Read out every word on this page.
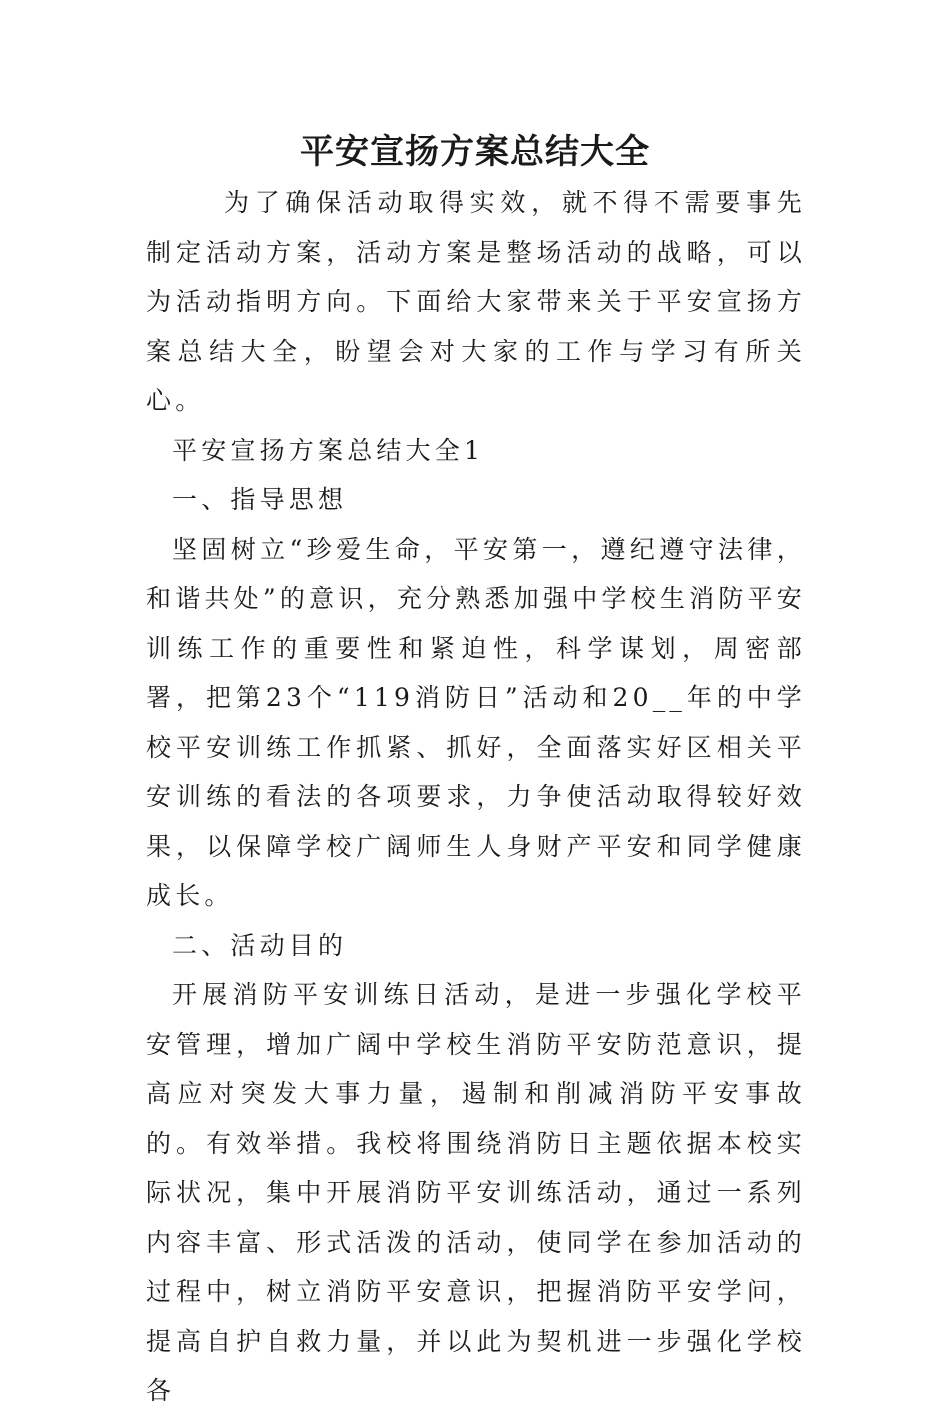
平安宣扬方案总结大全

为了确保活动取得实效，就不得不需要事先制定活动方案，活动方案是整场活动的战略，可以为活动指明方向。下面给大家带来关于平安宣扬方案总结大全，盼望会对大家的工作与学习有所关心。

平安宣扬方案总结大全1

一、指导思想

坚固树立“珍爱生命，平安第一，遵纪遵守法律，和谐共处”的意识，充分熟悉加强中学校生消防平安训练工作的重要性和紧迫性，科学谋划，周密部署，把第23个“119消防日”活动和20__年的中学校平安训练工作抓紧、抓好，全面落实好区相关平安训练的看法的各项要求，力争使活动取得较好效果，以保障学校广阔师生人身财产平安和同学健康成长。

二、活动目的

开展消防平安训练日活动，是进一步强化学校平安管理，增加广阔中学校生消防平安防范意识，提高应对突发大事力量，遏制和削减消防平安事故的。有效举措。我校将围绕消防日主题依据本校实际状况，集中开展消防平安训练活动，通过一系列内容丰富、形式活泼的活动，使同学在参加活动的过程中，树立消防平安意识，把握消防平安学问，提高自护自救力量，并以此为契机进一步强化学校各
